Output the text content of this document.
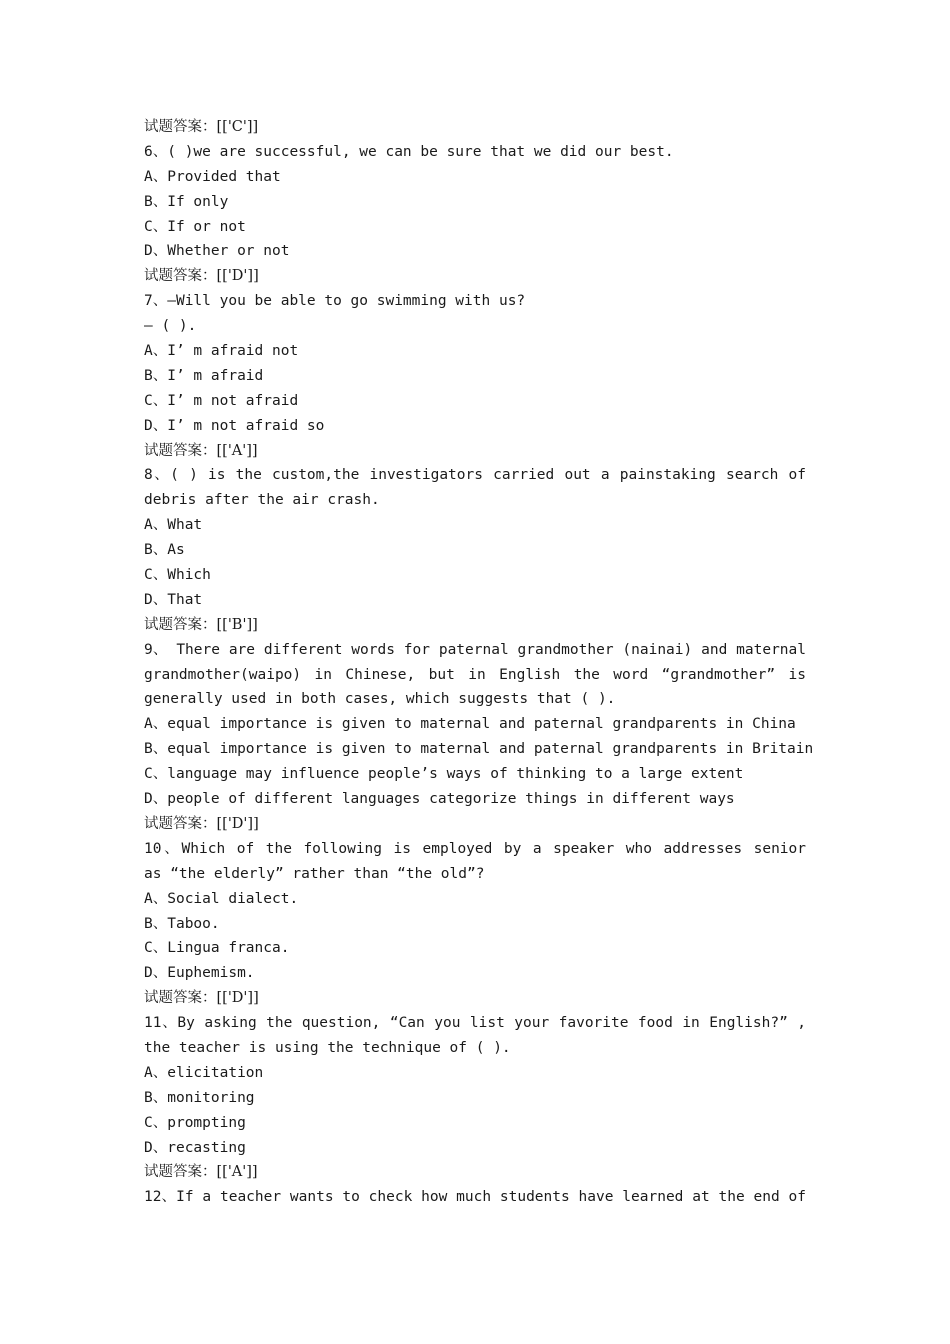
试题答案：[['C']]
6、( )we are successful, we can be sure that we did our best.
A、Provided that
B、If only
C、If or not
D、Whether or not
试题答案：[['D']]
7、—Will you be able to go swimming with us?
— ( ).
A、I’ m afraid not
B、I’ m afraid
C、I’ m not afraid
D、I’ m not afraid so
试题答案：[['A']]
8、( ) is the custom,the investigators carried out a painstaking search of
debris after the air crash.
A、What
B、As
C、Which
D、That
试题答案：[['B']]
9、 There are different words for paternal grandmother (nainai) and maternal
grandmother(waipo) in Chinese, but in English the word “grandmother” is
generally used in both cases, which suggests that ( ).
A、equal importance is given to maternal and paternal grandparents in China
B、equal importance is given to maternal and paternal grandparents in Britain
C、language may influence people’s ways of thinking to a large extent
D、people of different languages categorize things in different ways
试题答案：[['D']]
10、Which of the following is employed by a speaker who addresses senior
as “the elderly” rather than “the old”?
A、Social dialect.
B、Taboo.
C、Lingua franca.
D、Euphemism.
试题答案：[['D']]
11、By asking the question, “Can you list your favorite food in English?” ,
the teacher is using the technique of ( ).
A、elicitation
B、monitoring
C、prompting
D、recasting
试题答案：[['A']]
12、If a teacher wants to check how much students have learned at the end of
